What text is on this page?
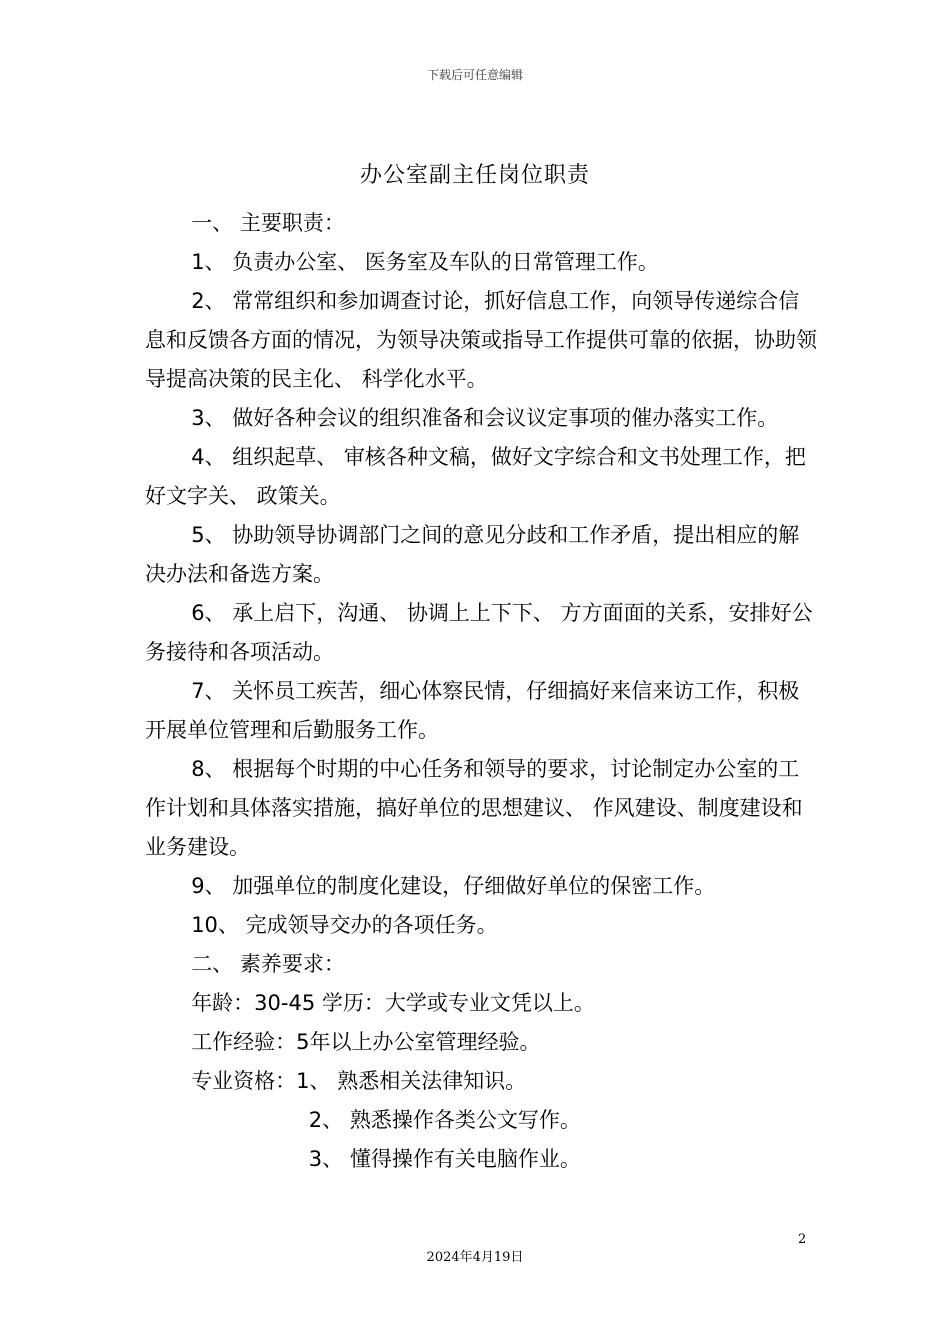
下载后可任意编辑
办公室副主任岗位职责

一、 主要职责：

1、 负责办公室、 医务室及车队的日常管理工作。

2、 常常组织和参加调查讨论，抓好信息工作，向领导传递综合信息和反馈各方面的情况，为领导决策或指导工作提供可靠的依据，协助领导提高决策的民主化、 科学化水平。

3、 做好各种会议的组织准备和会议议定事项的催办落实工作。

4、 组织起草、 审核各种文稿，做好文字综合和文书处理工作，把好文字关、 政策关。

5、 协助领导协调部门之间的意见分歧和工作矛盾，提出相应的解决办法和备选方案。

6、 承上启下，沟通、 协调上上下下、 方方面面的关系，安排好公务接待和各项活动。

7、 关怀员工疾苦，细心体察民情，仔细搞好来信来访工作，积极开展单位管理和后勤服务工作。

8、 根据每个时期的中心任务和领导的要求，讨论制定办公室的工作计划和具体落实措施，搞好单位的思想建议、 作风建设、制度建设和业务建设。

9、 加强单位的制度化建设，仔细做好单位的保密工作。

10、 完成领导交办的各项任务。

二、 素养要求：

年龄：30-45 学历：大学或专业文凭以上。

工作经验：5年以上办公室管理经验。

专业资格：1、 熟悉相关法律知识。

2、 熟悉操作各类公文写作。

3、 懂得操作有关电脑作业。

2
2024年4月19日
